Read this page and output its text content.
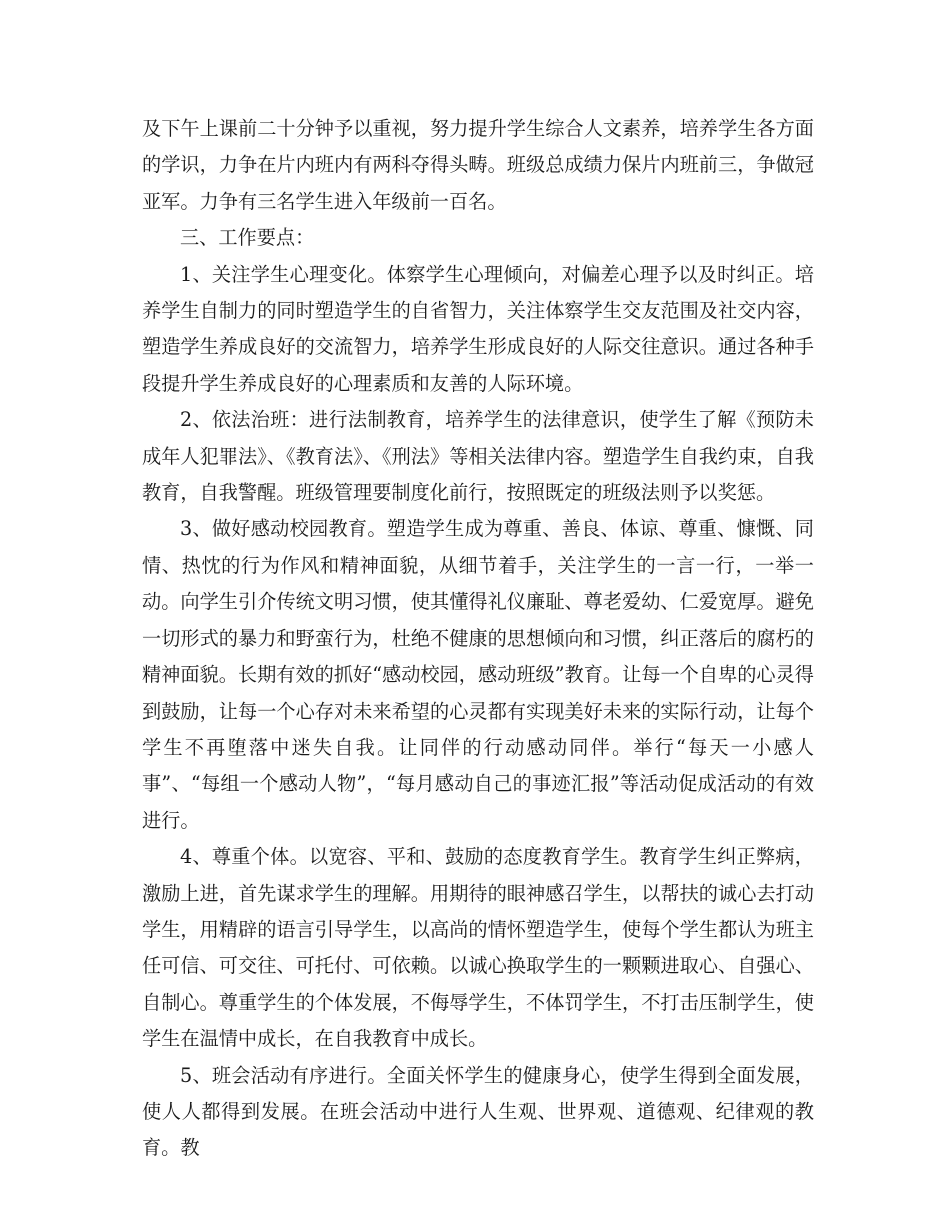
及下午上课前二十分钟予以重视，努力提升学生综合人文素养，培养学生各方面的学识，力争在片内班内有两科夺得头畴。班级总成绩力保片内班前三，争做冠亚军。力争有三名学生进入年级前一百名。

三、工作要点：

1、关注学生心理变化。体察学生心理倾向，对偏差心理予以及时纠正。培养学生自制力的同时塑造学生的自省智力，关注体察学生交友范围及社交内容，塑造学生养成良好的交流智力，培养学生形成良好的人际交往意识。通过各种手段提升学生养成良好的心理素质和友善的人际环境。

2、依法治班：进行法制教育，培养学生的法律意识，使学生了解《预防未成年人犯罪法》、《教育法》、《刑法》等相关法律内容。塑造学生自我约束，自我教育，自我警醒。班级管理要制度化前行，按照既定的班级法则予以奖惩。

3、做好感动校园教育。塑造学生成为尊重、善良、体谅、尊重、慷慨、同情、热忱的行为作风和精神面貌，从细节着手，关注学生的一言一行，一举一动。向学生引介传统文明习惯，使其懂得礼仪廉耻、尊老爱幼、仁爱宽厚。避免一切形式的暴力和野蛮行为，杜绝不健康的思想倾向和习惯，纠正落后的腐朽的精神面貌。长期有效的抓好“感动校园，感动班级”教育。让每一个自卑的心灵得到鼓励，让每一个心存对未来希望的心灵都有实现美好未来的实际行动，让每个学生不再堕落中迷失自我。让同伴的行动感动同伴。举行“每天一小感人事”、“每组一个感动人物”，“每月感动自己的事迹汇报”等活动促成活动的有效进行。

4、尊重个体。以宽容、平和、鼓励的态度教育学生。教育学生纠正弊病，激励上进，首先谋求学生的理解。用期待的眼神感召学生，以帮扶的诚心去打动学生，用精辟的语言引导学生，以高尚的情怀塑造学生，使每个学生都认为班主任可信、可交往、可托付、可依赖。以诚心换取学生的一颗颗进取心、自强心、自制心。尊重学生的个体发展，不侮辱学生，不体罚学生，不打击压制学生，使学生在温情中成长，在自我教育中成长。

5、班会活动有序进行。全面关怀学生的健康身心，使学生得到全面发展，使人人都得到发展。在班会活动中进行人生观、世界观、道德观、纪律观的教育。教
